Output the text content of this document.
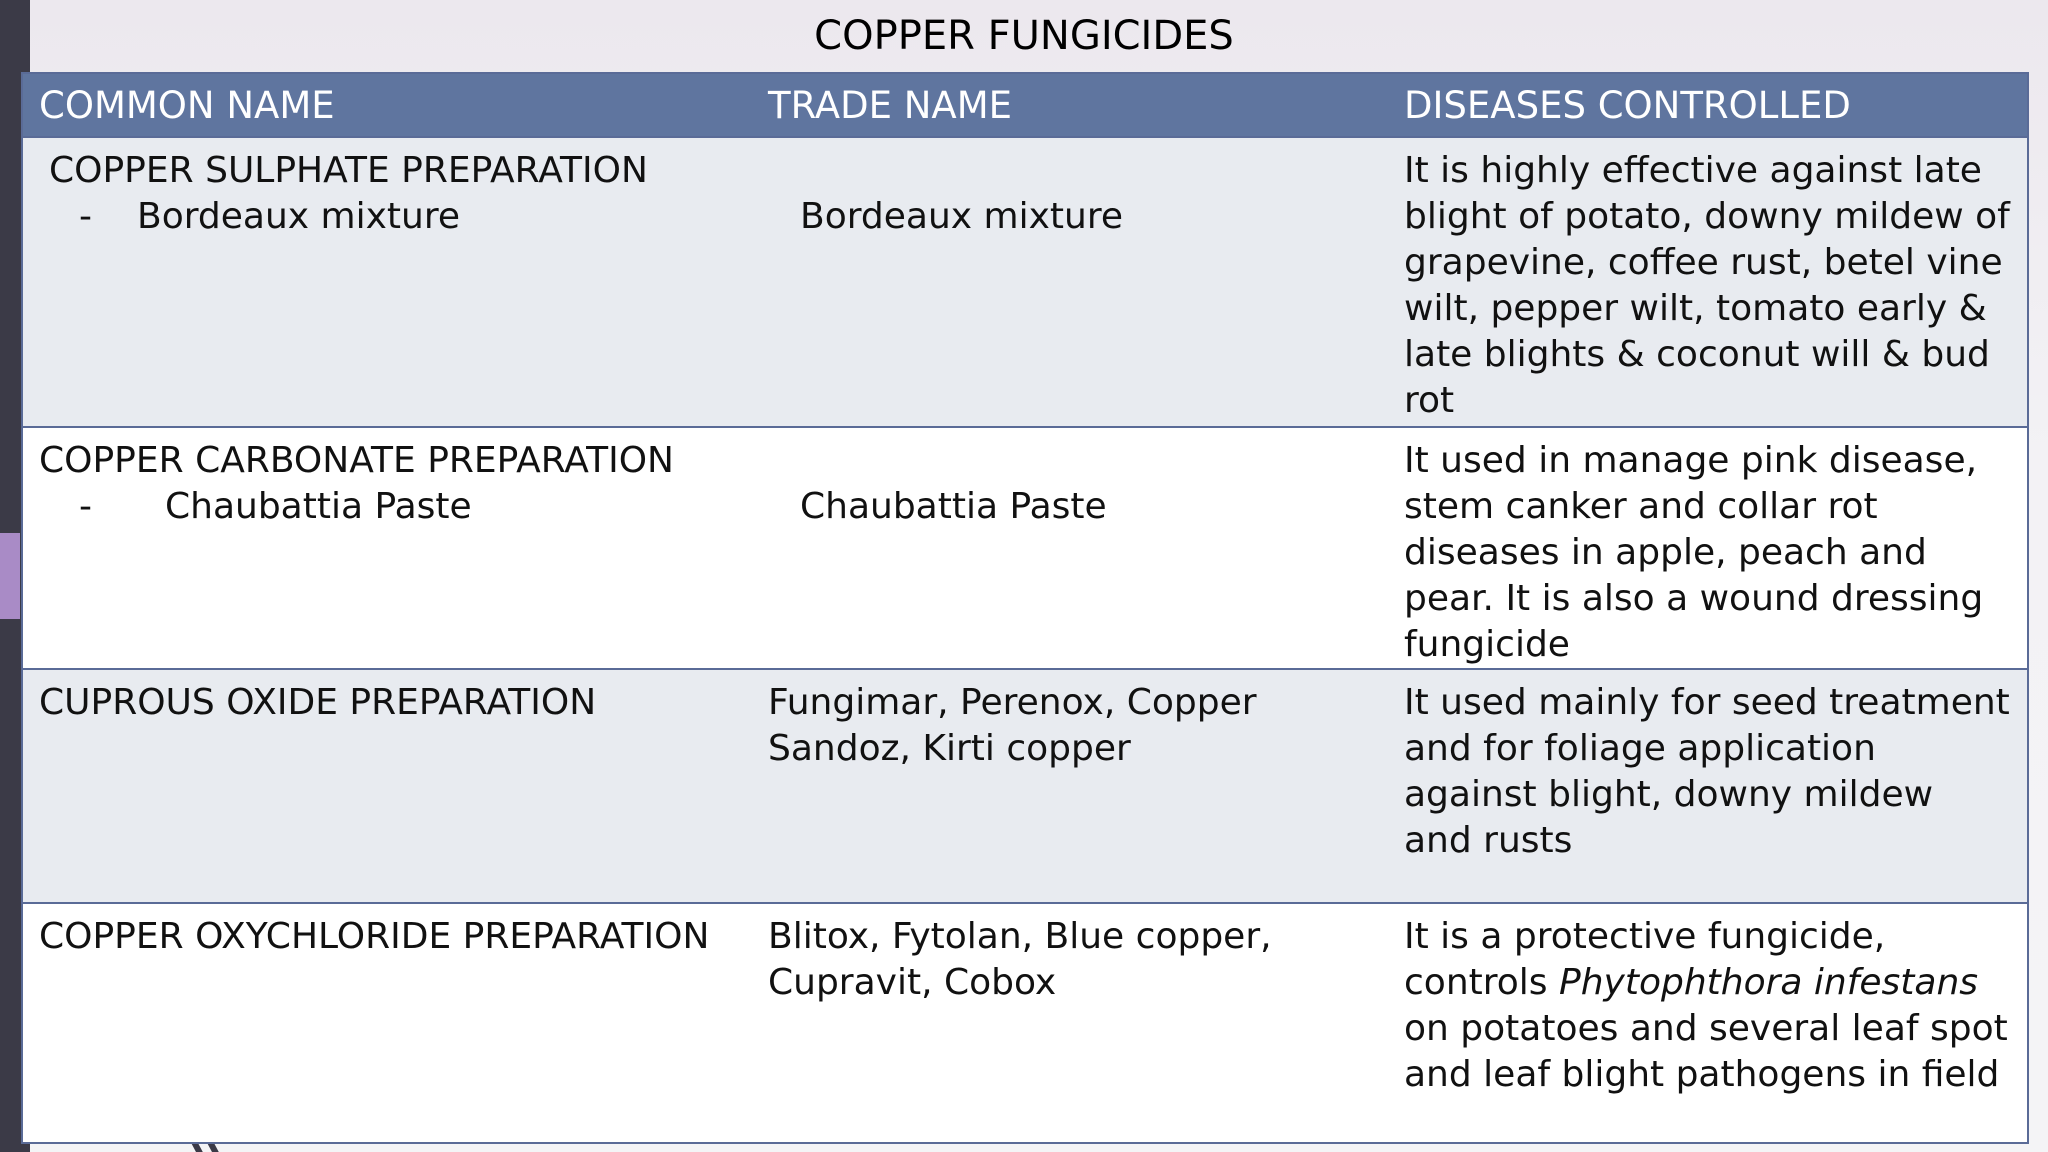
COPPER FUNGICIDES
COMMON NAME	TRADE NAME	DISEASES CONTROLLED

COPPER SULPHATE PREPARATION
- Bordeaux mixture	Bordeaux mixture	It is highly effective against late blight of potato, downy mildew of grapevine, coffee rust, betel vine wilt, pepper wilt, tomato early & late blights & coconut will & bud rot

COPPER CARBONATE PREPARATION
- Chaubattia Paste	Chaubattia Paste	It used in manage pink disease, stem canker and collar rot diseases in apple, peach and pear. It is also a wound dressing fungicide
CUPROUS OXIDE PREPARATION	Fungimar, Perenox, Copper Sandoz, Kirti copper	It used mainly for seed treatment and for foliage application against blight, downy mildew and rusts
COPPER OXYCHLORIDE PREPARATION	Blitox, Fytolan, Blue copper, Cupravit, Cobox	It is a protective fungicide, controls Phytophthora infestans on potatoes and several leaf spot and leaf blight pathogens in field
